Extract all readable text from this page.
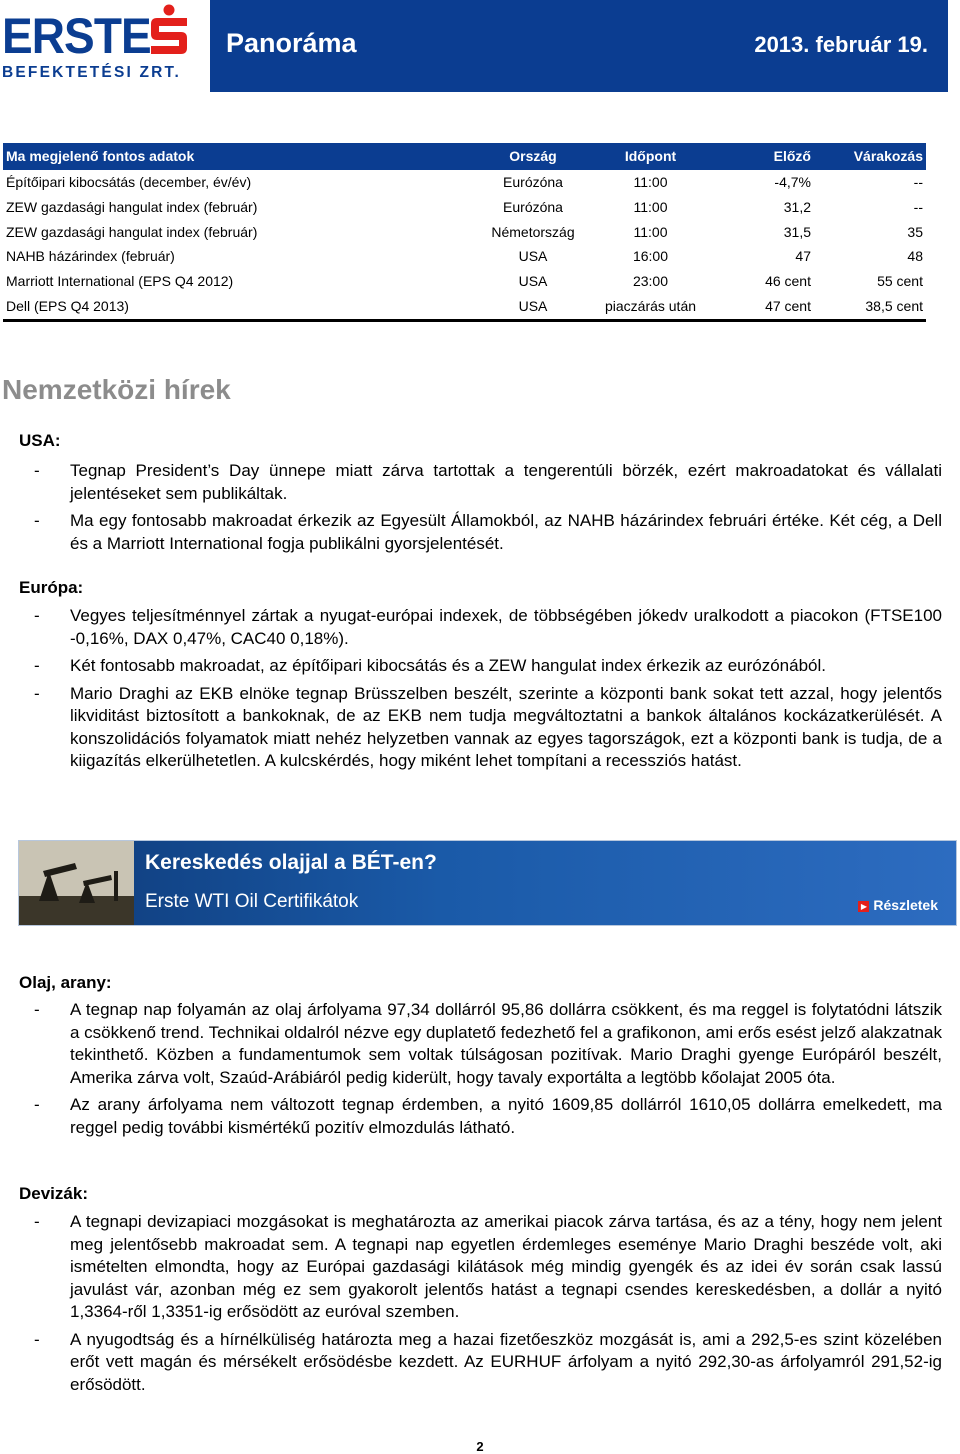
ERSTE
BEFEKTETÉSI ZRT.
Panoráma	2013. február 19.
Ma megjelenő fontos adatok	Ország	Időpont	Előző	Várakozás
Építőipari kibocsátás (december, év/év)	Eurózóna	11:00	-4,7%	--
ZEW gazdasági hangulat index (február)	Eurózóna	11:00	31,2	--
ZEW gazdasági hangulat index (február)	Németország	11:00	31,5	35
NAHB házárindex (február)	USA	16:00	47	48
Marriott International (EPS Q4 2012)	USA	23:00	46 cent	55 cent
Dell (EPS Q4 2013)	USA	piaczárás után	47 cent	38,5 cent
Nemzetközi hírek
USA:
- Tegnap President’s Day ünnepe miatt zárva tartottak a tengerentúli börzék, ezért makroadatokat és vállalati jelentéseket sem publikáltak.
- Ma egy fontosabb makroadat érkezik az Egyesült Államokból, az NAHB házárindex februári értéke. Két cég, a Dell és a Marriott International fogja publikálni gyorsjelentését.
Európa:
- Vegyes teljesítménnyel zártak a nyugat-európai indexek, de többségében jókedv uralkodott a piacokon (FTSE100 -0,16%, DAX 0,47%, CAC40 0,18%).
- Két fontosabb makroadat, az építőipari kibocsátás és a ZEW hangulat index érkezik az eurózónából.
- Mario Draghi az EKB elnöke tegnap Brüsszelben beszélt, szerinte a központi bank sokat tett azzal, hogy jelentős likviditást biztosított a bankoknak, de az EKB nem tudja megváltoztatni a bankok általános kockázatkerülését. A konszolidációs folyamatok miatt nehéz helyzetben vannak az egyes tagországok, ezt a központi bank is tudja, de a kiigazítás elkerülhetetlen. A kulcskérdés, hogy miként lehet tompítani a recessziós hatást.
Kereskedés olajjal a BÉT-en?
Erste WTI Oil Certifikátok	▶ Részletek
Olaj, arany:
- A tegnap nap folyamán az olaj árfolyama 97,34 dollárról 95,86 dollárra csökkent, és ma reggel is folytatódni látszik a csökkenő trend. Technikai oldalról nézve egy duplatető fedezhető fel a grafikonon, ami erős esést jelző alakzatnak tekinthető. Közben a fundamentumok sem voltak túlságosan pozitívak. Mario Draghi gyenge Európáról beszélt, Amerika zárva volt, Szaúd-Arábiáról pedig kiderült, hogy tavaly exportálta a legtöbb kőolajat 2005 óta.
- Az arany árfolyama nem változott tegnap érdemben, a nyitó 1609,85 dollárról 1610,05 dollárra emelkedett, ma reggel pedig további kismértékű pozitív elmozdulás látható.
Devizák:
- A tegnapi devizapiaci mozgásokat is meghatározta az amerikai piacok zárva tartása, és az a tény, hogy nem jelent meg jelentősebb makroadat sem. A tegnapi nap egyetlen érdemleges eseménye Mario Draghi beszéde volt, aki ismételten elmondta, hogy az Európai gazdasági kilátások még mindig gyengék és az idei év során csak lassú javulást vár, azonban még ez sem gyakorolt jelentős hatást a tegnapi csendes kereskedésben, a dollár a nyitó 1,3364-ről 1,3351-ig erősödött az euróval szemben.
- A nyugodtság és a hírnélküliség határozta meg a hazai fizetőeszköz mozgását is, ami a 292,5-es szint közelében erőt vett magán és mérsékelt erősödésbe kezdett. Az EURHUF árfolyam a nyitó 292,30-as árfolyamról 291,52-ig erősödött.
2
